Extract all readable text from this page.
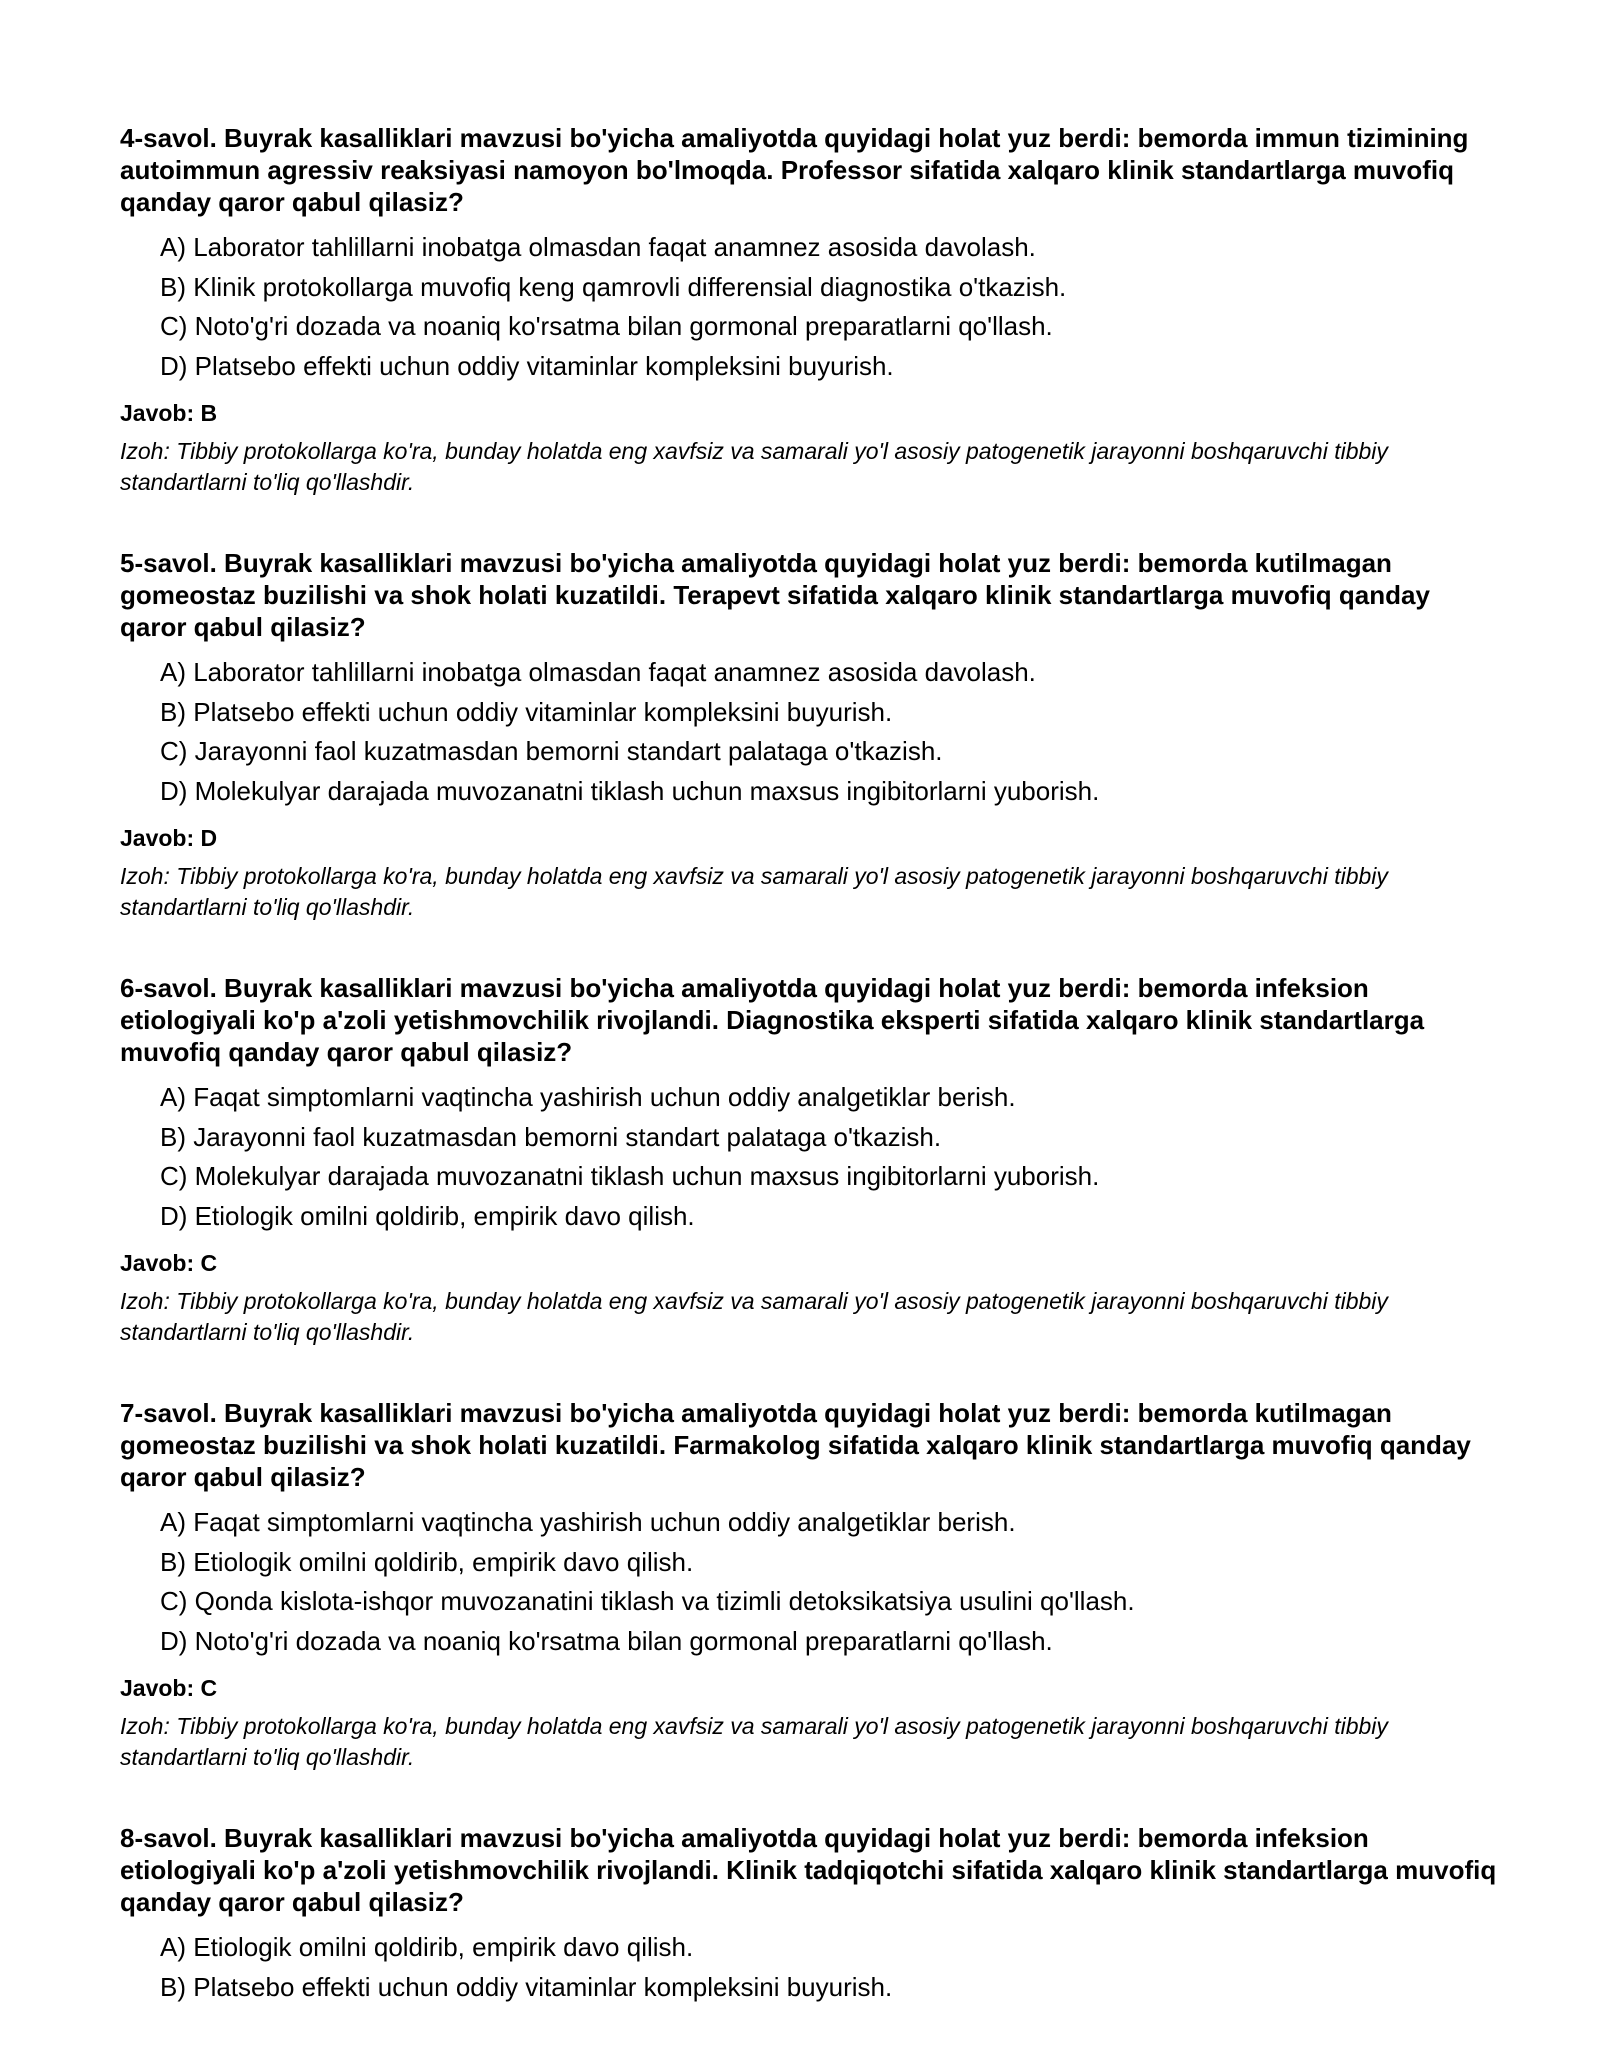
4-savol. Buyrak kasalliklari mavzusi bo'yicha amaliyotda quyidagi holat yuz berdi: bemorda immun tizimining autoimmun agressiv reaksiyasi namoyon bo'lmoqda. Professor sifatida xalqaro klinik standartlarga muvofiq qanday qaror qabul qilasiz?

A) Laborator tahlillarni inobatga olmasdan faqat anamnez asosida davolash.
B) Klinik protokollarga muvofiq keng qamrovli differensial diagnostika o'tkazish.
C) Noto'g'ri dozada va noaniq ko'rsatma bilan gormonal preparatlarni qo'llash.
D) Platsebo effekti uchun oddiy vitaminlar kompleksini buyurish.

Javob: B

Izoh: Tibbiy protokollarga ko'ra, bunday holatda eng xavfsiz va samarali yo'l asosiy patogenetik jarayonni boshqaruvchi tibbiy standartlarni to'liq qo'llashdir.

5-savol. Buyrak kasalliklari mavzusi bo'yicha amaliyotda quyidagi holat yuz berdi: bemorda kutilmagan gomeostaz buzilishi va shok holati kuzatildi. Terapevt sifatida xalqaro klinik standartlarga muvofiq qanday qaror qabul qilasiz?

A) Laborator tahlillarni inobatga olmasdan faqat anamnez asosida davolash.
B) Platsebo effekti uchun oddiy vitaminlar kompleksini buyurish.
C) Jarayonni faol kuzatmasdan bemorni standart palataga o'tkazish.
D) Molekulyar darajada muvozanatni tiklash uchun maxsus ingibitorlarni yuborish.

Javob: D

Izoh: Tibbiy protokollarga ko'ra, bunday holatda eng xavfsiz va samarali yo'l asosiy patogenetik jarayonni boshqaruvchi tibbiy standartlarni to'liq qo'llashdir.

6-savol. Buyrak kasalliklari mavzusi bo'yicha amaliyotda quyidagi holat yuz berdi: bemorda infeksion etiologiyali ko'p a'zoli yetishmovchilik rivojlandi. Diagnostika eksperti sifatida xalqaro klinik standartlarga muvofiq qanday qaror qabul qilasiz?

A) Faqat simptomlarni vaqtincha yashirish uchun oddiy analgetiklar berish.
B) Jarayonni faol kuzatmasdan bemorni standart palataga o'tkazish.
C) Molekulyar darajada muvozanatni tiklash uchun maxsus ingibitorlarni yuborish.
D) Etiologik omilni qoldirib, empirik davo qilish.

Javob: C

Izoh: Tibbiy protokollarga ko'ra, bunday holatda eng xavfsiz va samarali yo'l asosiy patogenetik jarayonni boshqaruvchi tibbiy standartlarni to'liq qo'llashdir.

7-savol. Buyrak kasalliklari mavzusi bo'yicha amaliyotda quyidagi holat yuz berdi: bemorda kutilmagan gomeostaz buzilishi va shok holati kuzatildi. Farmakolog sifatida xalqaro klinik standartlarga muvofiq qanday qaror qabul qilasiz?

A) Faqat simptomlarni vaqtincha yashirish uchun oddiy analgetiklar berish.
B) Etiologik omilni qoldirib, empirik davo qilish.
C) Qonda kislota-ishqor muvozanatini tiklash va tizimli detoksikatsiya usulini qo'llash.
D) Noto'g'ri dozada va noaniq ko'rsatma bilan gormonal preparatlarni qo'llash.

Javob: C

Izoh: Tibbiy protokollarga ko'ra, bunday holatda eng xavfsiz va samarali yo'l asosiy patogenetik jarayonni boshqaruvchi tibbiy standartlarni to'liq qo'llashdir.

8-savol. Buyrak kasalliklari mavzusi bo'yicha amaliyotda quyidagi holat yuz berdi: bemorda infeksion etiologiyali ko'p a'zoli yetishmovchilik rivojlandi. Klinik tadqiqotchi sifatida xalqaro klinik standartlarga muvofiq qanday qaror qabul qilasiz?

A) Etiologik omilni qoldirib, empirik davo qilish.
B) Platsebo effekti uchun oddiy vitaminlar kompleksini buyurish.
